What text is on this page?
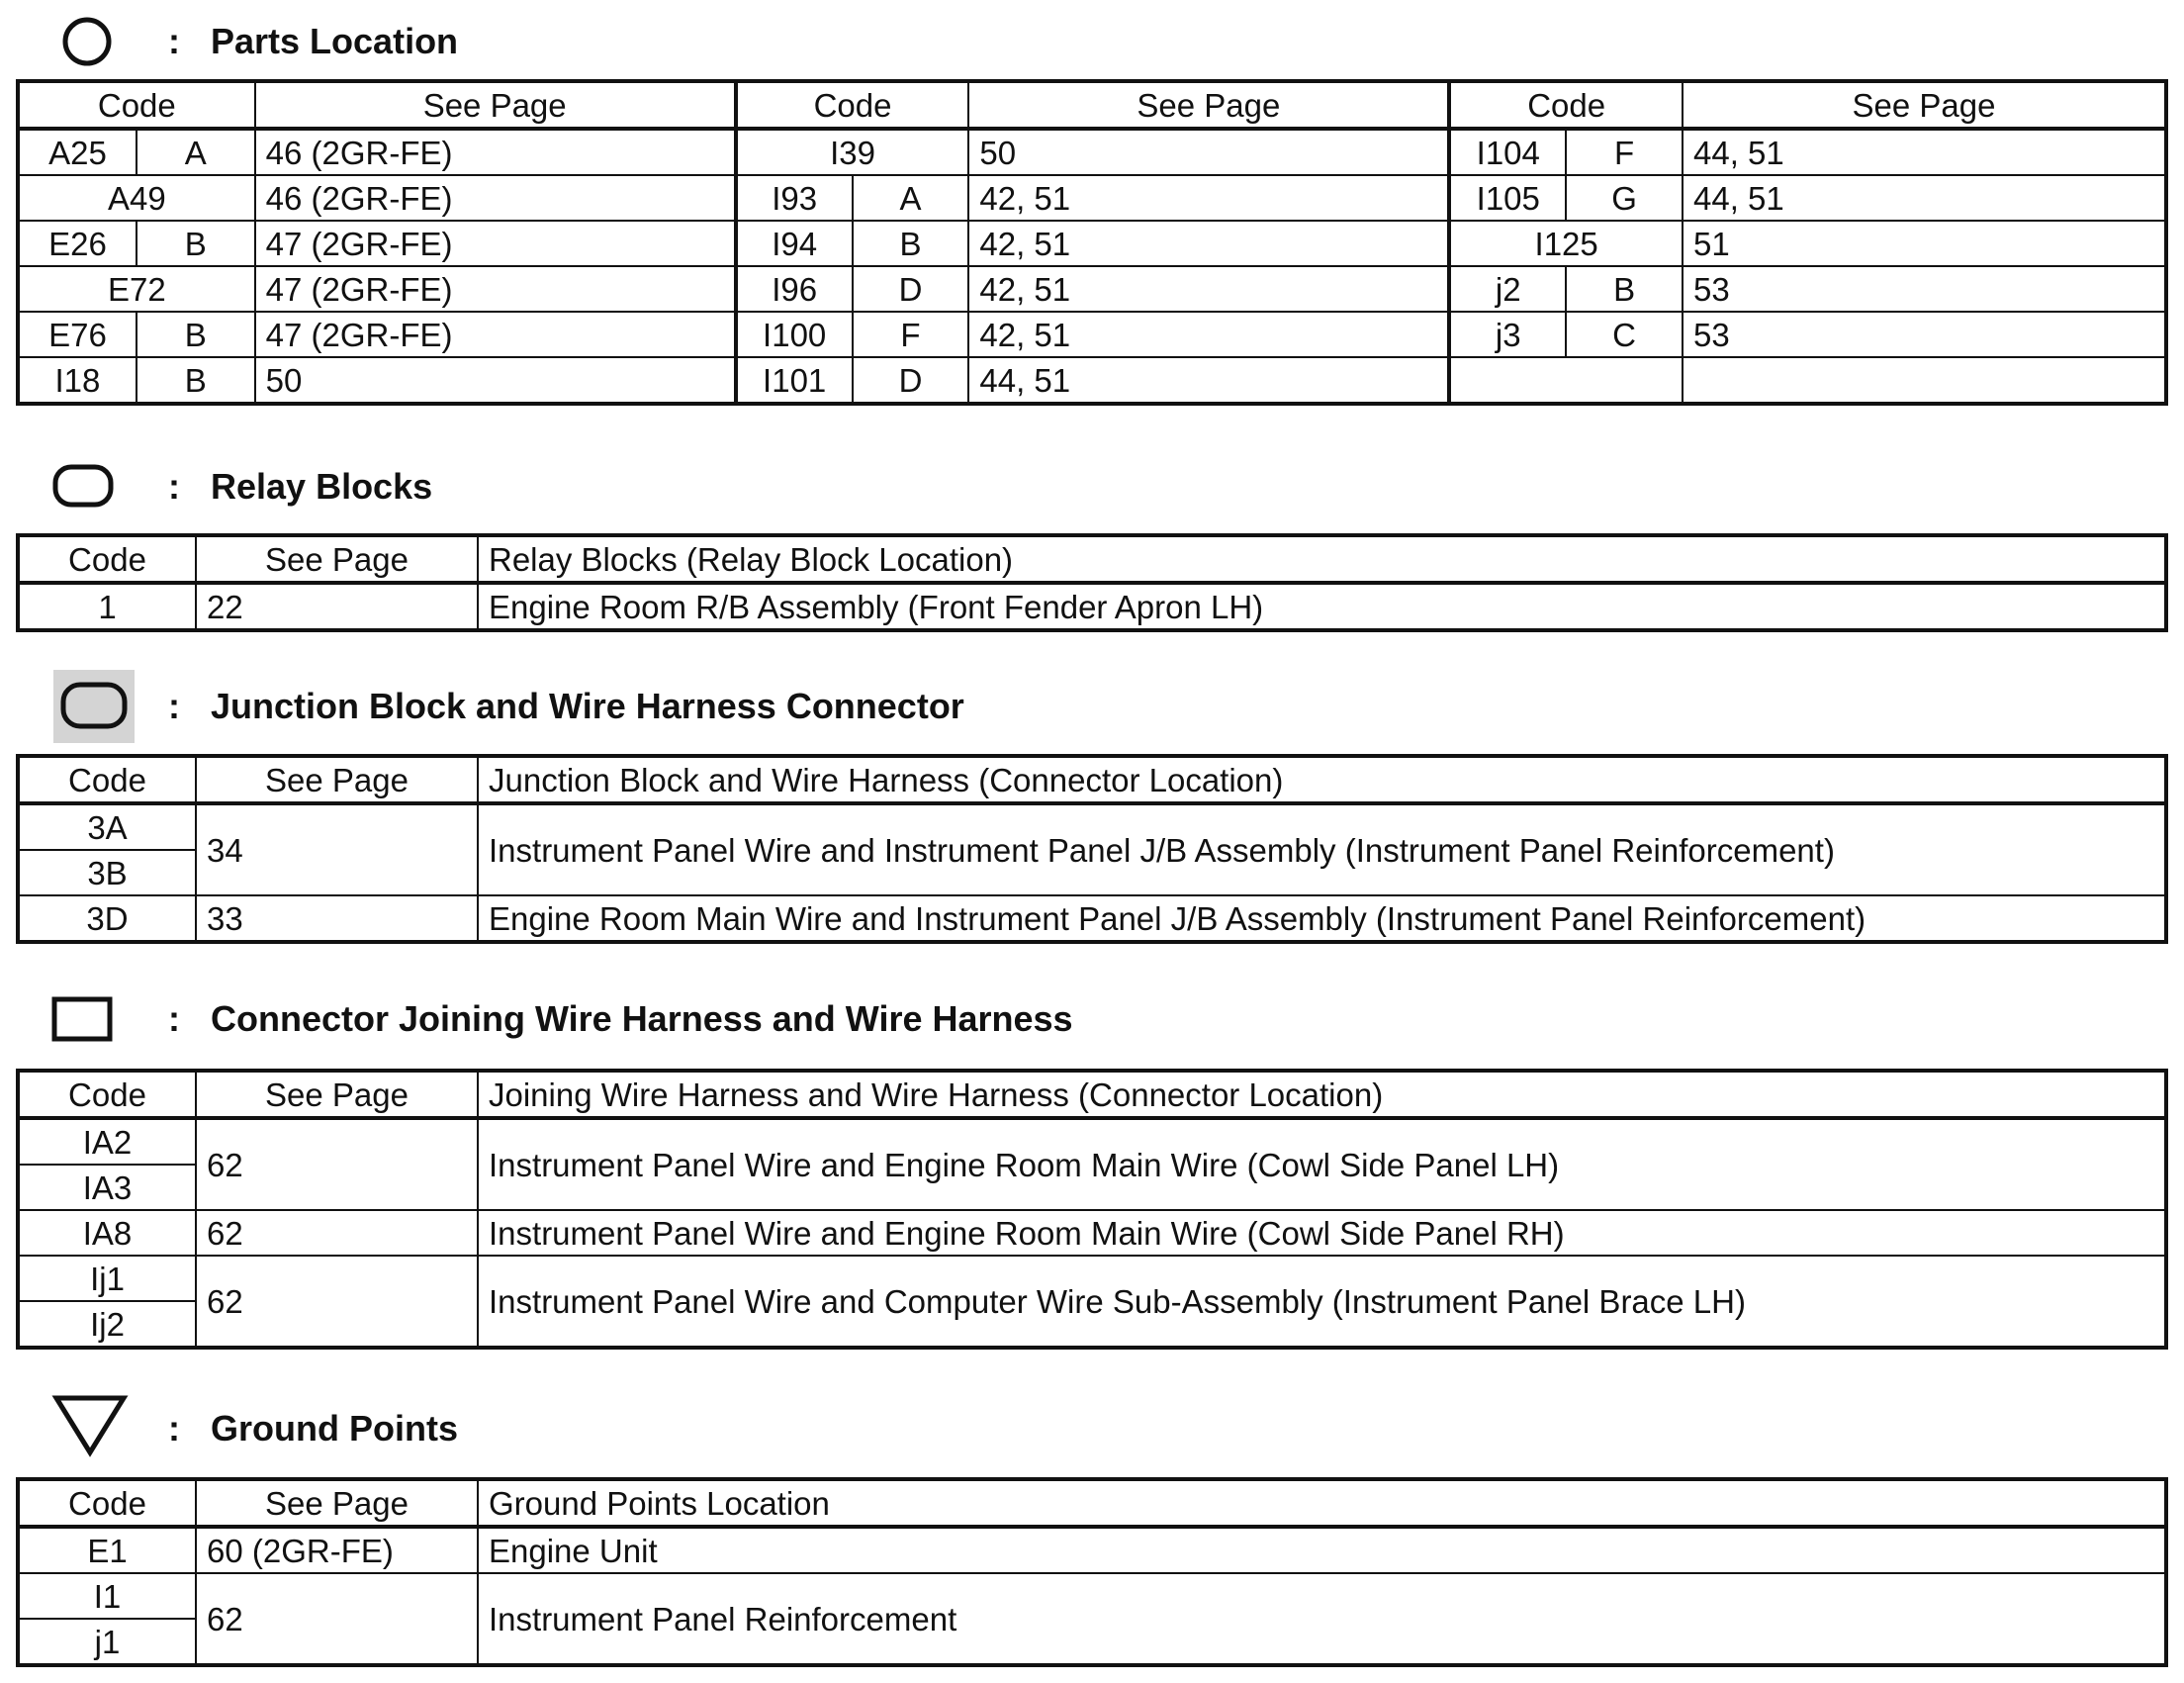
: Parts Location
Code		See Page	Code		See Page	Code		See Page
A25	A	46 (2GR-FE)	I39		50	I104	F	44, 51
A49		46 (2GR-FE)	I93	A	42, 51	I105	G	44, 51
E26	B	47 (2GR-FE)	I94	B	42, 51	I125		51
E72		47 (2GR-FE)	I96	D	42, 51	j2	B	53
E76	B	47 (2GR-FE)	I100	F	42, 51	j3	C	53
I18	B	50	I101	D	44, 51			
: Relay Blocks
Code	See Page	Relay Blocks (Relay Block Location)
1	22	Engine Room R/B Assembly (Front Fender Apron LH)
: Junction Block and Wire Harness Connector
Code	See Page	Junction Block and Wire Harness (Connector Location)
3A	34	Instrument Panel Wire and Instrument Panel J/B Assembly (Instrument Panel Reinforcement)
3B		
3D	33	Engine Room Main Wire and Instrument Panel J/B Assembly (Instrument Panel Reinforcement)
: Connector Joining Wire Harness and Wire Harness
Code	See Page	Joining Wire Harness and Wire Harness (Connector Location)
IA2	62	Instrument Panel Wire and Engine Room Main Wire (Cowl Side Panel LH)
IA3		
IA8	62	Instrument Panel Wire and Engine Room Main Wire (Cowl Side Panel RH)
Ij1	62	Instrument Panel Wire and Computer Wire Sub-Assembly (Instrument Panel Brace LH)
Ij2		
: Ground Points
Code	See Page	Ground Points Location
E1	60 (2GR-FE)	Engine Unit
I1	62	Instrument Panel Reinforcement
j1		
